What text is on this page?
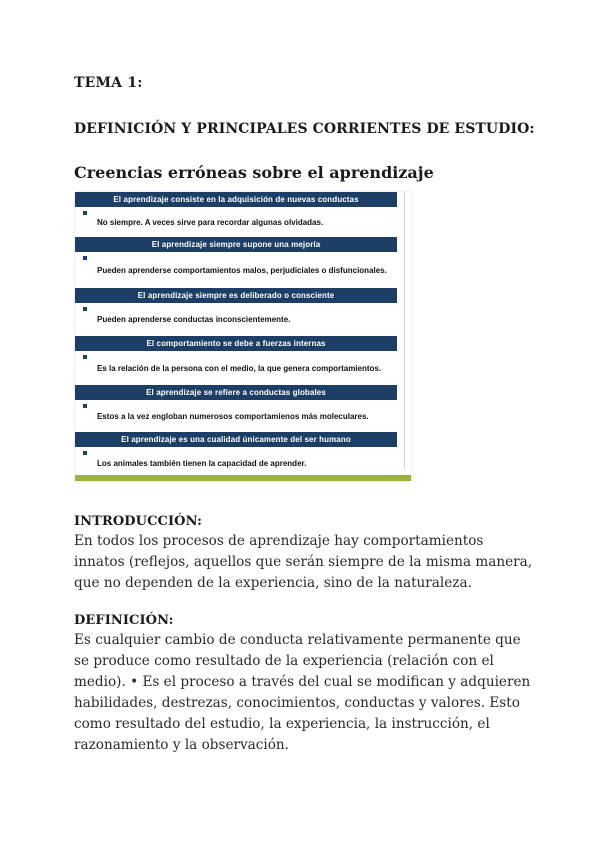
TEMA 1:
DEFINICIÓN Y PRINCIPALES CORRIENTES DE ESTUDIO:
Creencias erróneas sobre el aprendizaje
El aprendizaje consiste en la adquisición de nuevas conductas
No siempre. A veces sirve para recordar algunas olvidadas.
El aprendizaje siempre supone una mejoría
Pueden aprenderse comportamientos malos, perjudiciales o disfuncionales.
El aprendizaje siempre es deliberado o consciente
Pueden aprenderse conductas inconscientemente.
El comportamiento se debe a fuerzas internas
Es la relación de la persona con el medio, la que genera comportamientos.
El aprendizaje se refiere a conductas globales
Estos a la vez engloban numerosos comportamienos más moleculares.
El aprendizaje es una cualidad únicamente del ser humano
Los animales también tienen la capacidad de aprender.
INTRODUCCIÓN:

En todos los procesos de aprendizaje hay comportamientos innatos (reflejos, aquellos que serán siempre de la misma manera, que no dependen de la experiencia, sino de la naturaleza.

DEFINICIÓN:

Es cualquier cambio de conducta relativamente permanente que se produce como resultado de la experiencia (relación con el medio). • Es el proceso a través del cual se modifican y adquieren habilidades, destrezas, conocimientos, conductas y valores. Esto como resultado del estudio, la experiencia, la instrucción, el razonamiento y la observación.
